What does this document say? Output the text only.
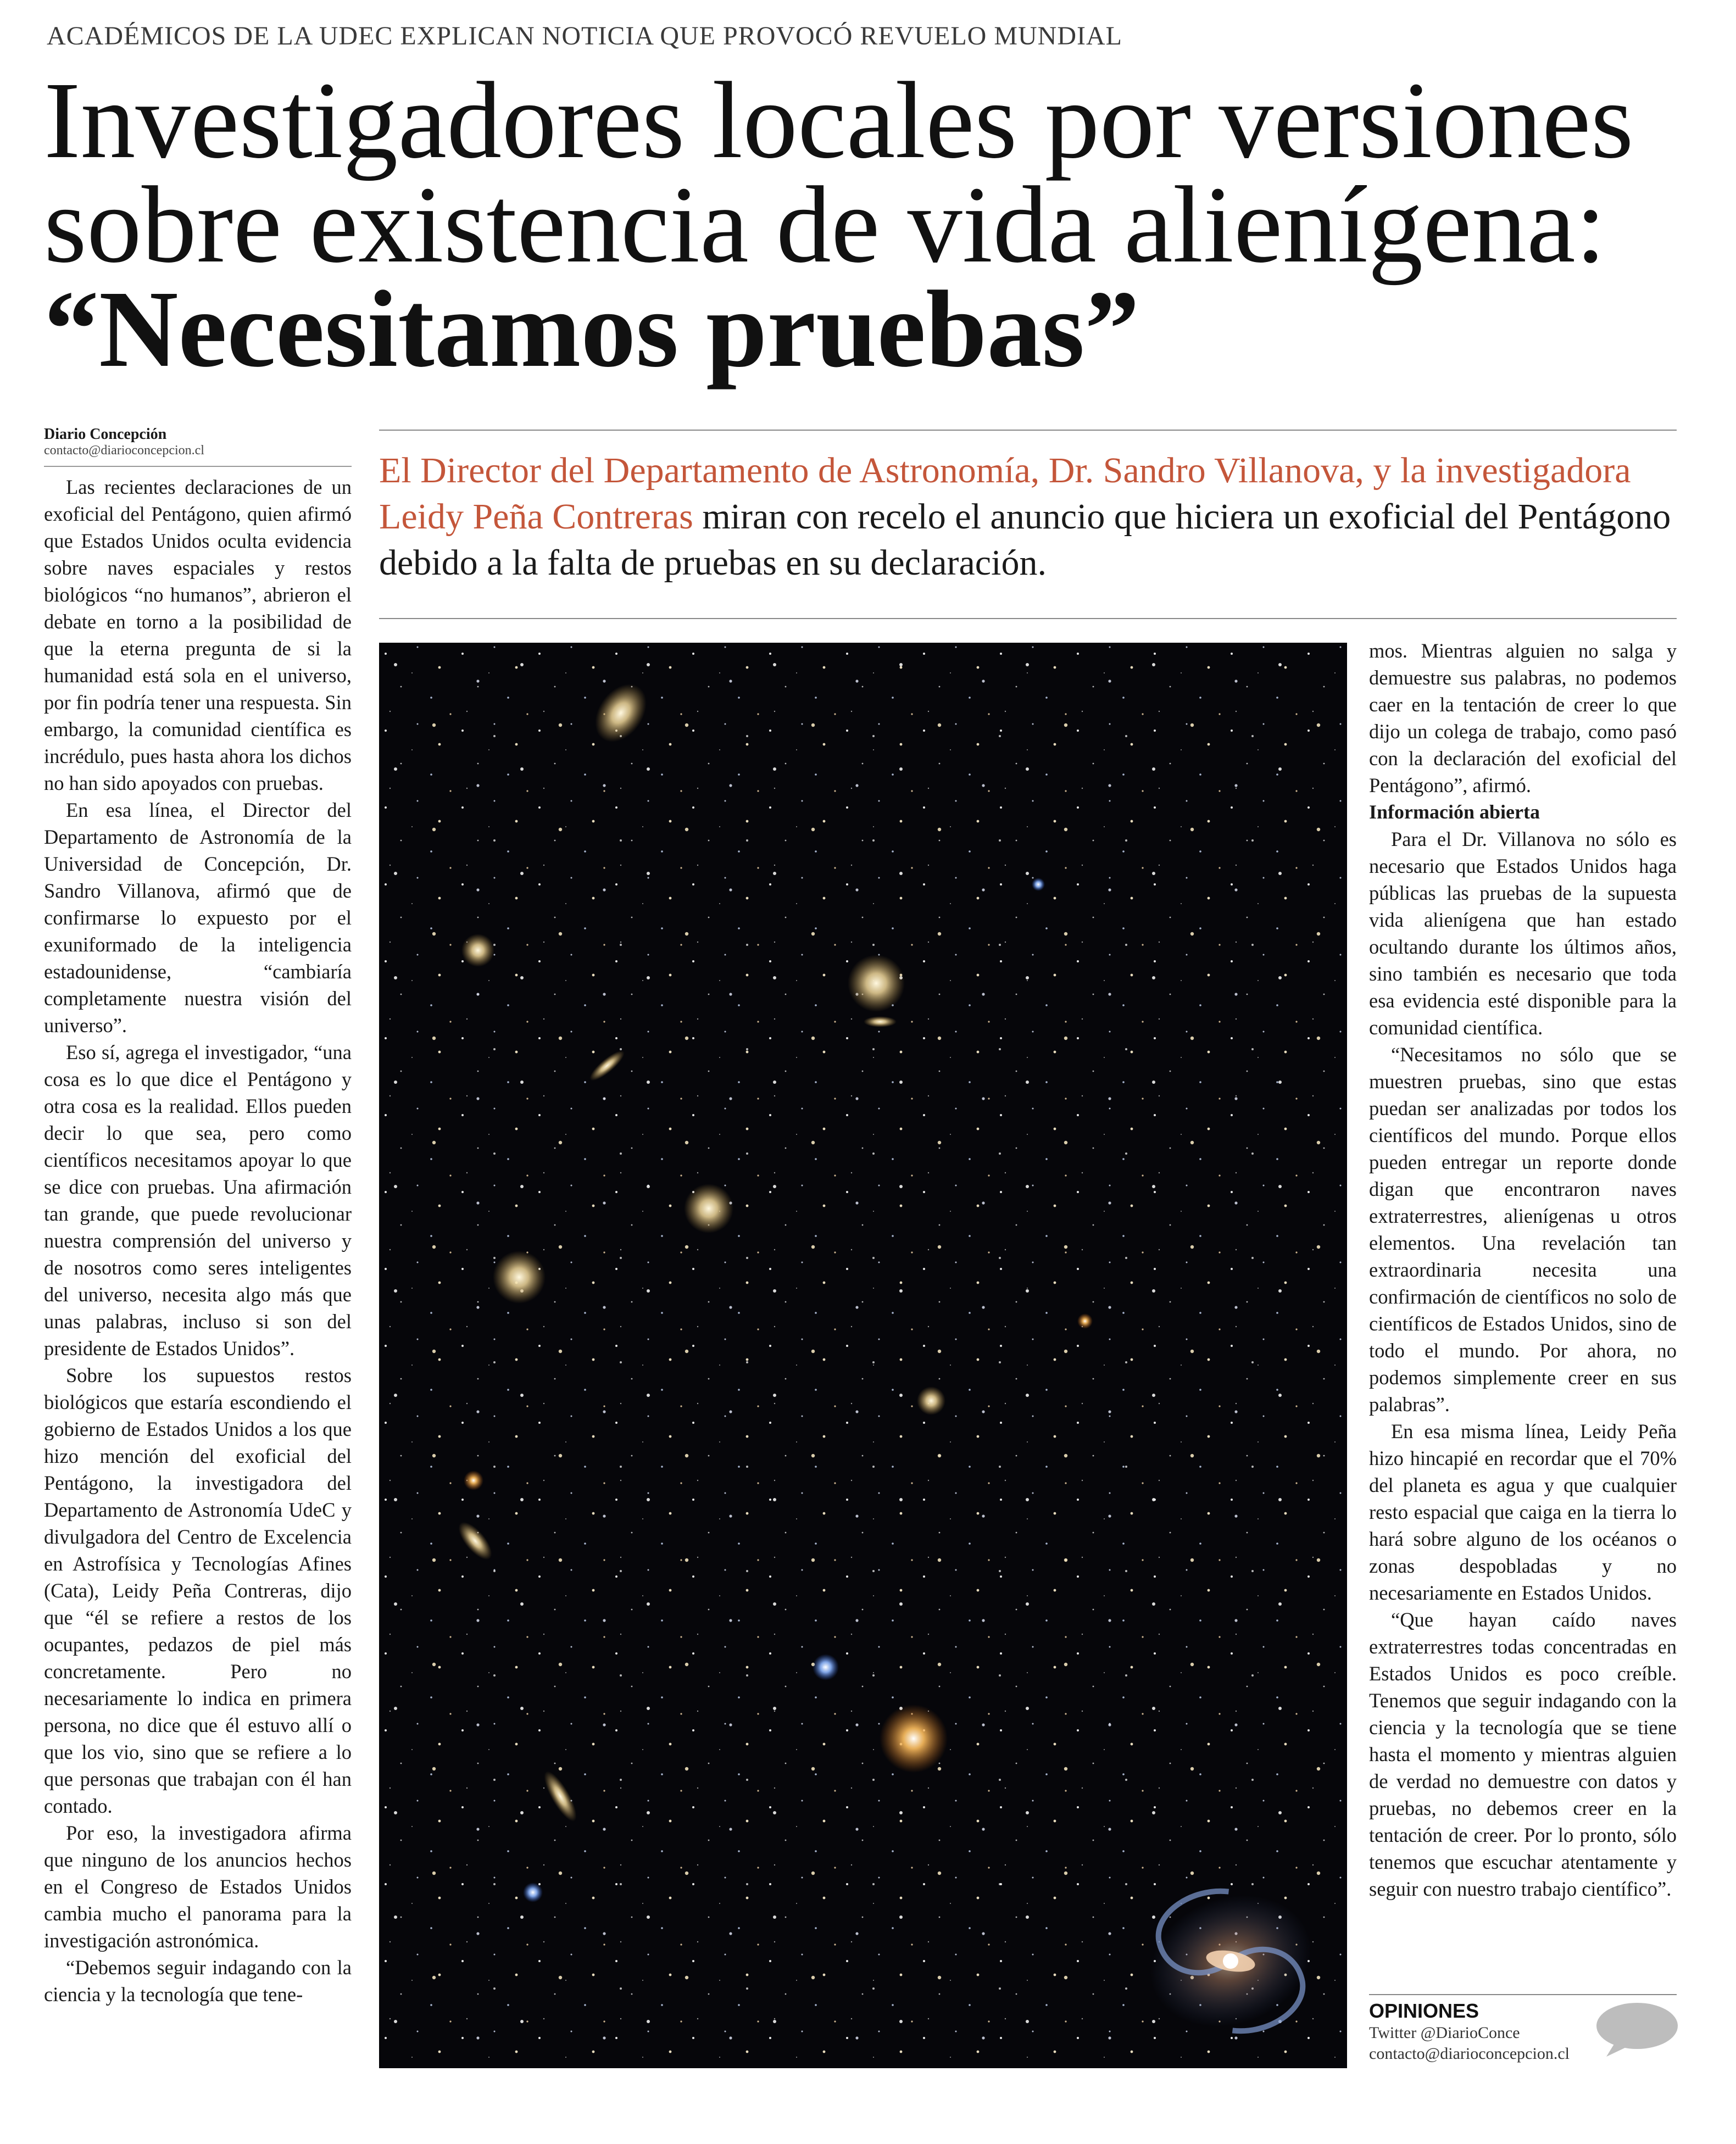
ACADÉMICOS DE LA UDEC EXPLICAN NOTICIA QUE PROVOCÓ REVUELO MUNDIAL
Investigadores locales por versiones
sobre existencia de vida alienígena:
“Necesitamos pruebas”
Diario Concepción
contacto@diarioconcepcion.cl	El Director del Departamento de Astronomía, Dr. Sandro Villanova, y la investigadora Leidy Peña Contreras miran con recelo el anuncio que hiciera un exoficial del Pentágono debido a la falta de pruebas en su declaración.

Las recientes declaraciones de un exoficial del Pentágono, quien afirmó que Estados Unidos oculta evidencia sobre naves espaciales y restos biológicos “no humanos”, abrieron el debate en torno a la posibilidad de que la eterna pregunta de si la humanidad está sola en el universo, por fin podría tener una respuesta. Sin embargo, la comunidad científica es incrédulo, pues hasta ahora los dichos no han sido apoyados con pruebas.

En esa línea, el Director del Departamento de Astronomía de la Universidad de Concepción, Dr. Sandro Villanova, afirmó que de confirmarse lo expuesto por el exuniformado de la inteligencia estadounidense, “cambiaría completamente nuestra visión del universo”.

Eso sí, agrega el investigador, “una cosa es lo que dice el Pentágono y otra cosa es la realidad. Ellos pueden decir lo que sea, pero como científicos necesitamos apoyar lo que se dice con pruebas. Una afirmación tan grande, que puede revolucionar nuestra comprensión del universo y de nosotros como seres inteligentes del universo, necesita algo más que unas palabras, incluso si son del presidente de Estados Unidos”.

Sobre los supuestos restos biológicos que estaría escondiendo el gobierno de Estados Unidos a los que hizo mención del exoficial del Pentágono, la investigadora del Departamento de Astronomía UdeC y divulgadora del Centro de Excelencia en Astrofísica y Tecnologías Afines (Cata), Leidy Peña Contreras, dijo que “él se refiere a restos de los ocupantes, pedazos de piel más concretamente. Pero no necesariamente lo indica en primera persona, no dice que él estuvo allí o que los vio, sino que se refiere a lo que personas que trabajan con él han contado.

Por eso, la investigadora afirma que ninguno de los anuncios hechos en el Congreso de Estados Unidos cambia mucho el panorama para la investigación astronómica.

“Debemos seguir indagando con la ciencia y la tecnología que tene-

mos. Mientras alguien no salga y demuestre sus palabras, no podemos caer en la tentación de creer lo que dijo un colega de trabajo, como pasó con la declaración del exoficial del Pentágono”, afirmó.

Información abierta

Para el Dr. Villanova no sólo es necesario que Estados Unidos haga públicas las pruebas de la supuesta vida alienígena que han estado ocultando durante los últimos años, sino también es necesario que toda esa evidencia esté disponible para la comunidad científica.

“Necesitamos no sólo que se muestren pruebas, sino que estas puedan ser analizadas por todos los científicos del mundo. Porque ellos pueden entregar un reporte donde digan que encontraron naves extraterrestres, alienígenas u otros elementos. Una revelación tan extraordinaria necesita una confirmación de científicos no solo de científicos de Estados Unidos, sino de todo el mundo. Por ahora, no podemos simplemente creer en sus palabras”.

En esa misma línea, Leidy Peña hizo hincapié en recordar que el 70% del planeta es agua y que cualquier resto espacial que caiga en la tierra lo hará sobre alguno de los océanos o zonas despobladas y no necesariamente en Estados Unidos.

“Que hayan caído naves extraterrestres todas concentradas en Estados Unidos es poco creíble. Tenemos que seguir indagando con la ciencia y la tecnología que se tiene hasta el momento y mientras alguien de verdad no demuestre con datos y pruebas, no debemos creer en la tentación de creer. Por lo pronto, sólo tenemos que escuchar atentamente y seguir con nuestro trabajo científico”.

OPINIONES
Twitter @DiarioConce
contacto@diarioconcepcion.cl
